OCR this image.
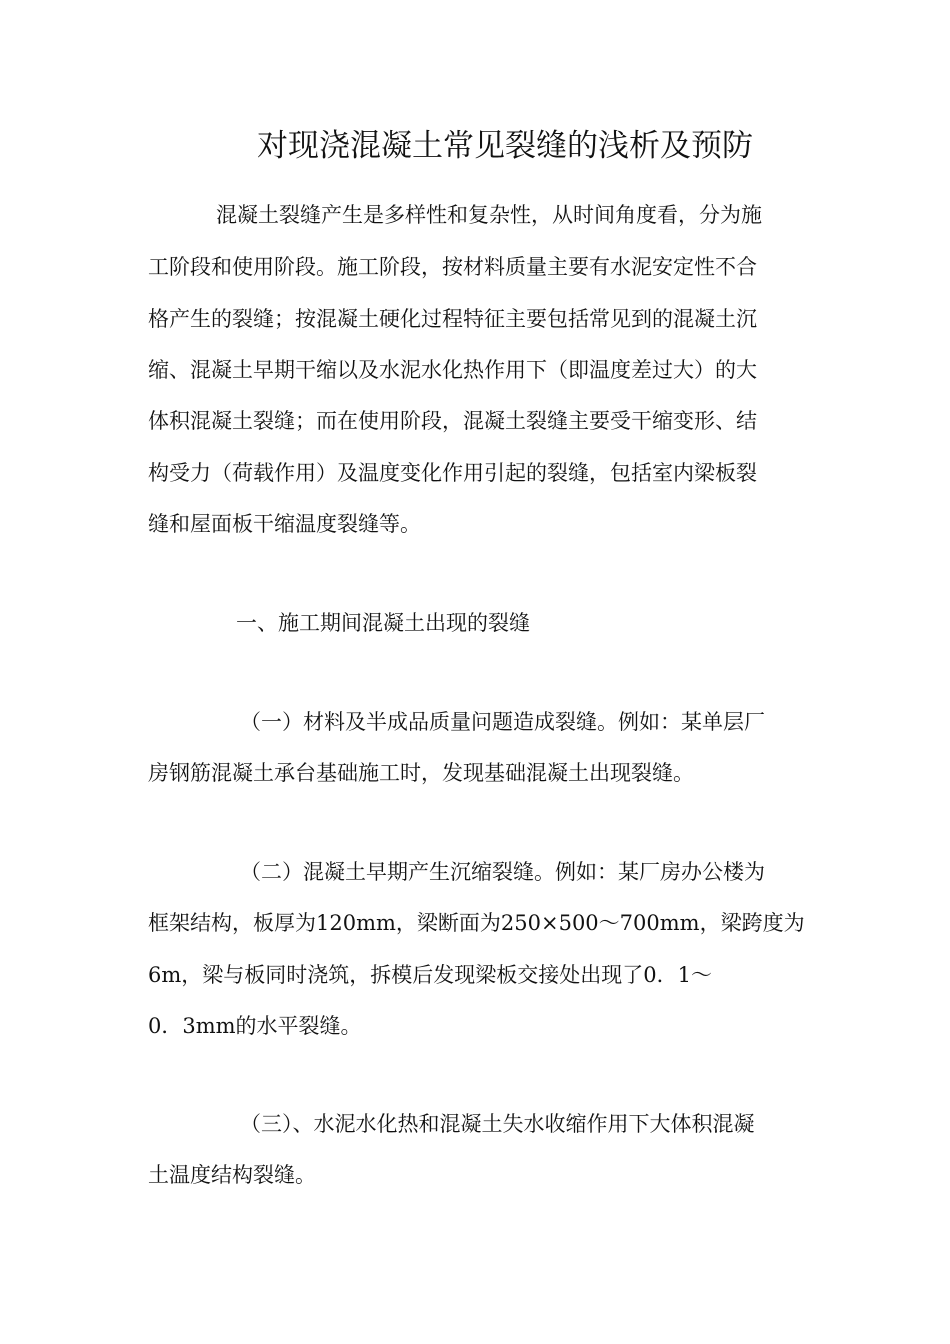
对现浇混凝土常见裂缝的浅析及预防
混凝土裂缝产生是多样性和复杂性，从时间角度看，分为施
工阶段和使用阶段。施工阶段，按材料质量主要有水泥安定性不合
格产生的裂缝；按混凝土硬化过程特征主要包括常见到的混凝土沉
缩、混凝土早期干缩以及水泥水化热作用下（即温度差过大）的大
体积混凝土裂缝；而在使用阶段，混凝土裂缝主要受干缩变形、结
构受力（荷载作用）及温度变化作用引起的裂缝，包括室内梁板裂
缝和屋面板干缩温度裂缝等。
一、施工期间混凝土出现的裂缝
（一）材料及半成品质量问题造成裂缝。例如：某单层厂
房钢筋混凝土承台基础施工时，发现基础混凝土出现裂缝。
（二）混凝土早期产生沉缩裂缝。例如：某厂房办公楼为
框架结构，板厚为120mm，梁断面为250×500～700mm，梁跨度为
6m，梁与板同时浇筑，拆模后发现梁板交接处出现了0．1～
0．3mm的水平裂缝。
（三）、水泥水化热和混凝土失水收缩作用下大体积混凝
土温度结构裂缝。
